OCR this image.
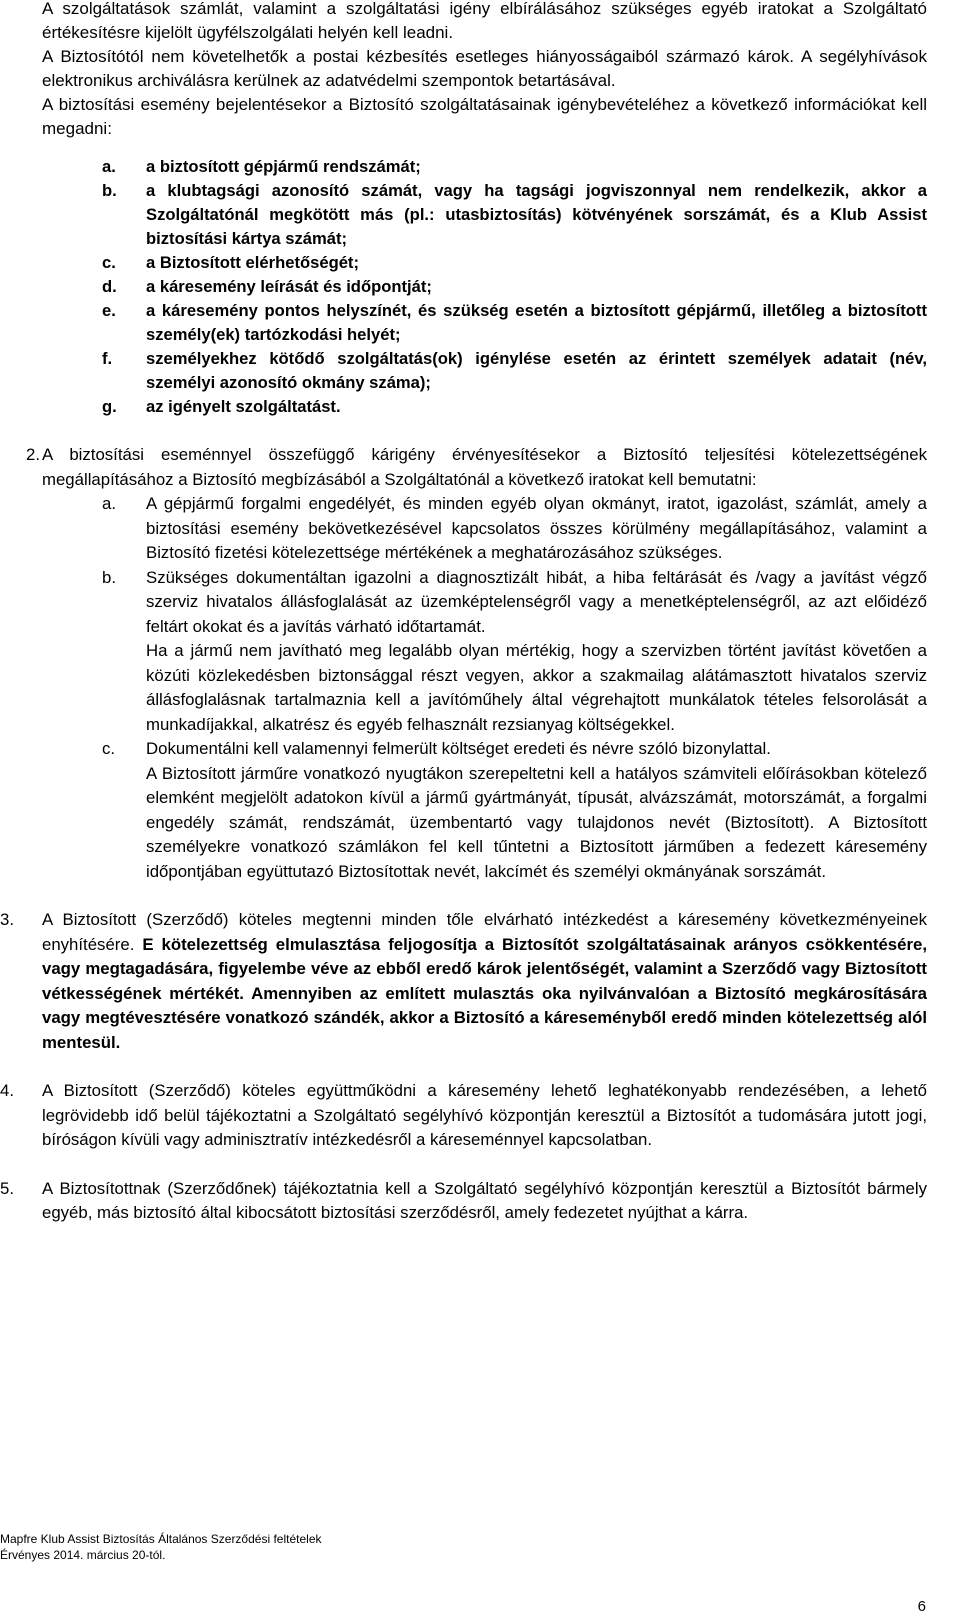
A szolgáltatások számlát, valamint a szolgáltatási igény elbírálásához szükséges egyéb iratokat a Szolgáltató értékesítésre kijelölt ügyfélszolgálati helyén kell leadni.

A Biztosítótól nem követelhetők a postai kézbesítés esetleges hiányosságaiból származó károk. A segélyhívások elektronikus archiválásra kerülnek az adatvédelmi szempontok betartásával.

A biztosítási esemény bejelentésekor a Biztosító szolgáltatásainak igénybevételéhez a következő információkat kell megadni:

a. a biztosított gépjármű rendszámát;
b. a klubtagsági azonosító számát, vagy ha tagsági jogviszonnyal nem rendelkezik, akkor a Szolgáltatónál megkötött más (pl.: utasbiztosítás) kötvényének sorszámát, és a Klub Assist biztosítási kártya számát;
c. a Biztosított elérhetőségét;
d. a káresemény leírását és időpontját;
e. a káresemény pontos helyszínét, és szükség esetén a biztosított gépjármű, illetőleg a biztosított személy(ek) tartózkodási helyét;
f. személyekhez kötődő szolgáltatás(ok) igénylése esetén az érintett személyek adatait (név, személyi azonosító okmány száma);
g. az igényelt szolgáltatást.
2. A biztosítási eseménnyel összefüggő kárigény érvényesítésekor a Biztosító teljesítési kötelezettségének megállapításához a Biztosító megbízásából a Szolgáltatónál a következő iratokat kell bemutatni:
a. A gépjármű forgalmi engedélyét, és minden egyéb olyan okmányt, iratot, igazolást, számlát, amely a biztosítási esemény bekövetkezésével kapcsolatos összes körülmény megállapításához, valamint a Biztosító fizetési kötelezettsége mértékének a meghatározásához szükséges.
b. Szükséges dokumentáltan igazolni a diagnosztizált hibát, a hiba feltárását és /vagy a javítást végző szerviz hivatalos állásfoglalását az üzemképtelenségről vagy a menetképtelenségről, az azt előidéző feltárt okokat és a javítás várható időtartamát.
Ha a jármű nem javítható meg legalább olyan mértékig, hogy a szervizben történt javítást követően a közúti közlekedésben biztonsággal részt vegyen, akkor a szakmailag alátámasztott hivatalos szerviz állásfoglalásnak tartalmaznia kell a javítóműhely által végrehajtott munkálatok tételes felsorolását a munkadíjakkal, alkatrész és egyéb felhasznált rezsianyag költségekkel.
c. Dokumentálni kell valamennyi felmerült költséget eredeti és névre szóló bizonylattal.
A Biztosított járműre vonatkozó nyugtákon szerepeltetni kell a hatályos számviteli előírásokban kötelező elemként megjelölt adatokon kívül a jármű gyártmányát, típusát, alvázszámát, motorszámát, a forgalmi engedély számát, rendszámát, üzembentartó vagy tulajdonos nevét (Biztosított). A Biztosított személyekre vonatkozó számlákon fel kell tűntetni a Biztosított járműben a fedezett káresemény időpontjában együttutazó Biztosítottak nevét, lakcímét és személyi okmányának sorszámát.
3. A Biztosított (Szerződő) köteles megtenni minden tőle elvárható intézkedést a káresemény következményeinek enyhítésére. E kötelezettség elmulasztása feljogosítja a Biztosítót szolgáltatásainak arányos csökkentésére, vagy megtagadására, figyelembe véve az ebből eredő károk jelentőségét, valamint a Szerződő vagy Biztosított vétkességének mértékét. Amennyiben az említett mulasztás oka nyilvánvalóan a Biztosító megkárosítására vagy megtévesztésére vonatkozó szándék, akkor a Biztosító a káreseményből eredő minden kötelezettség alól mentesül.
4. A Biztosított (Szerződő) köteles együttműködni a káresemény lehető leghatékonyabb rendezésében, a lehető legrövidebb idő belül tájékoztatni a Szolgáltató segélyhívó központján keresztül a Biztosítót a tudomására jutott jogi, bíróságon kívüli vagy adminisztratív intézkedésről a káreseménnyel kapcsolatban.
5. A Biztosítottnak (Szerződőnek) tájékoztatnia kell a Szolgáltató segélyhívó központján keresztül a Biztosítót bármely egyéb, más biztosító által kibocsátott biztosítási szerződésről, amely fedezetet nyújthat a kárra.
Mapfre Klub Assist Biztosítás Általános Szerződési feltételek
Érvényes 2014. március 20-tól.
6
